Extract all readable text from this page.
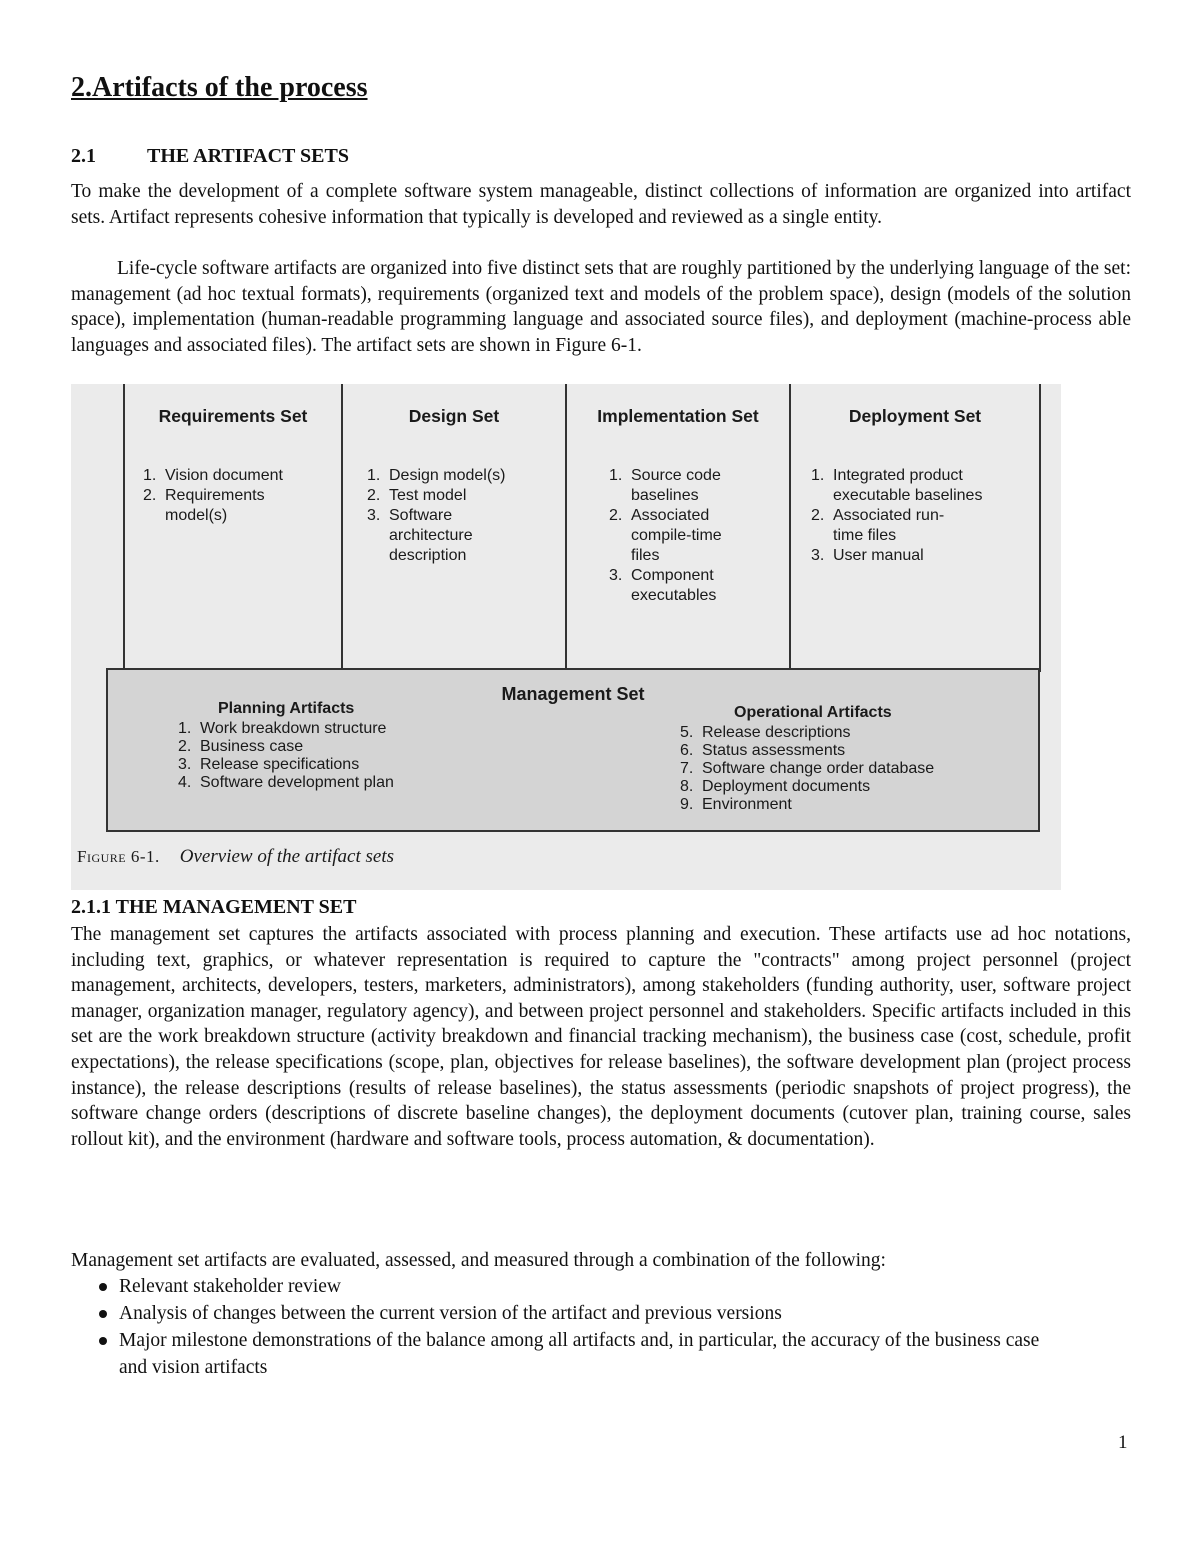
2.Artifacts of the process
2.1	THE ARTIFACT SETS

To make the development of a complete software system manageable, distinct collections of information are organized into artifact sets. Artifact represents cohesive information that typically is developed and reviewed as a single entity.

Life-cycle software artifacts are organized into five distinct sets that are roughly partitioned by the underlying language of the set: management (ad hoc textual formats), requirements (organized text and models of the problem space), design (models of the solution space), implementation (human-readable programming language and associated source files), and deployment (machine-process able languages and associated files). The artifact sets are shown in Figure 6-1.

Requirements Set
1. Vision document
2. Requirements model(s)
Design Set
1. Design model(s)
2. Test model
3. Software architecture description
Implementation Set
1. Source code baselines
2. Associated compile-time files
3. Component executables
Deployment Set
1. Integrated product executable baselines
2. Associated run-time files
3. User manual
Management Set
Planning Artifacts
1. Work breakdown structure
2. Business case
3. Release specifications
4. Software development plan
Operational Artifacts
5. Release descriptions
6. Status assessments
7. Software change order database
8. Deployment documents
9. Environment
Figure 6-1. Overview of the artifact sets
2.1.1 THE MANAGEMENT SET

The management set captures the artifacts associated with process planning and execution. These artifacts use ad hoc notations, including text, graphics, or whatever representation is required to capture the "contracts" among project personnel (project management, architects, developers, testers, marketers, administrators), among stakeholders (funding authority, user, software project manager, organization manager, regulatory agency), and between project personnel and stakeholders. Specific artifacts included in this set are the work breakdown structure (activity breakdown and financial tracking mechanism), the business case (cost, schedule, profit expectations), the release specifications (scope, plan, objectives for release baselines), the software development plan (project process instance), the release descriptions (results of release baselines), the status assessments (periodic snapshots of project progress), the software change orders (descriptions of discrete baseline changes), the deployment documents (cutover plan, training course, sales rollout kit), and the environment (hardware and software tools, process automation, & documentation).

Management set artifacts are evaluated, assessed, and measured through a combination of the following:

Relevant stakeholder review
Analysis of changes between the current version of the artifact and previous versions
Major milestone demonstrations of the balance among all artifacts and, in particular, the accuracy of the business case and vision artifacts
1
